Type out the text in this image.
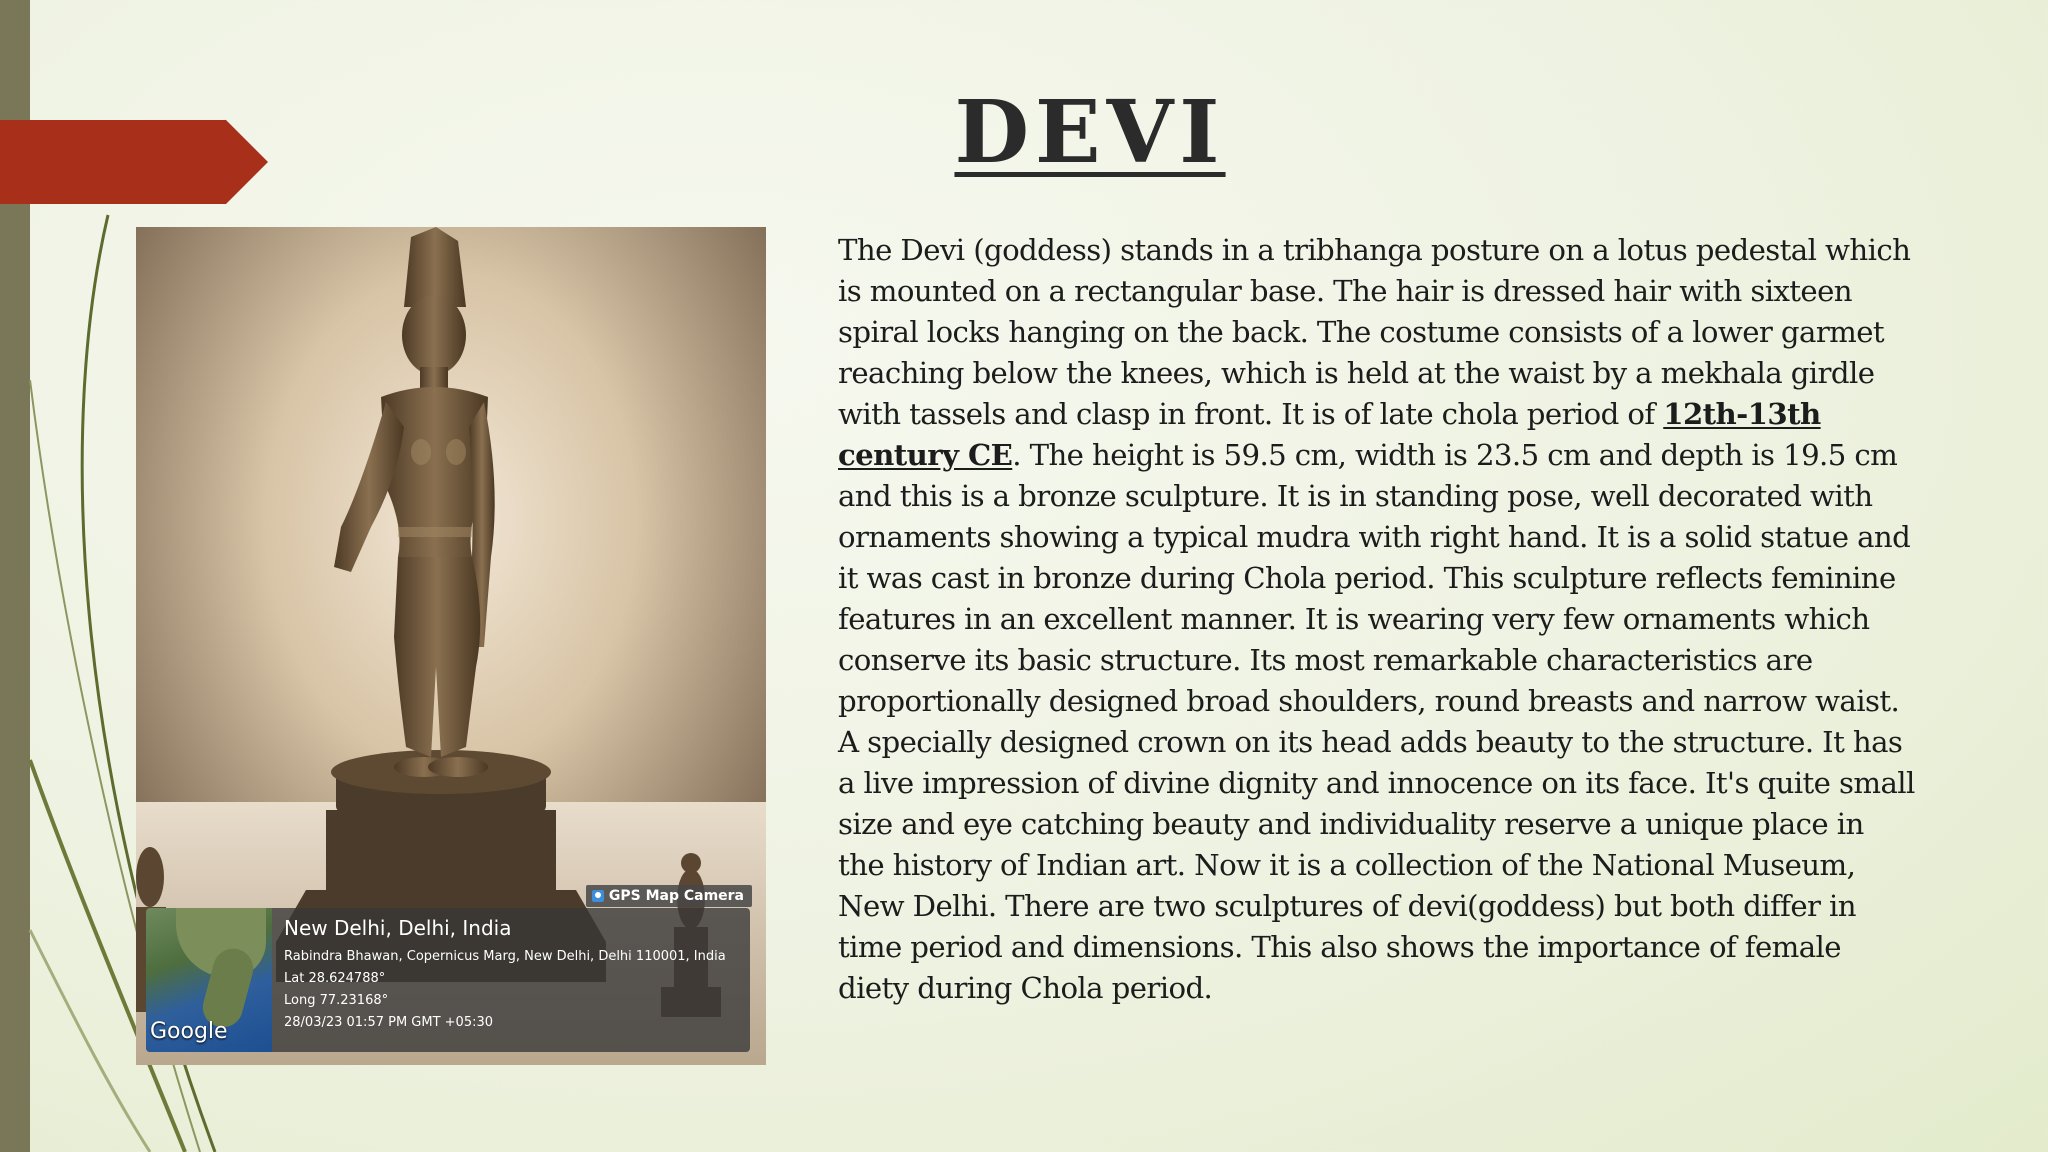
DEVI
GPS Map Camera
Google
New Delhi, Delhi, India
Rabindra Bhawan, Copernicus Marg, New Delhi, Delhi 110001, India
Lat 28.624788°
Long 77.23168°
28/03/23 01:57 PM GMT +05:30

The Devi (goddess) stands in a tribhanga posture on a lotus pedestal which is mounted on a rectangular base. The hair is dressed hair with sixteen spiral locks hanging on the back. The costume consists of a lower garmet reaching below the knees, which is held at the waist by a mekhala girdle with tassels and clasp in front. It is of late chola period of 12th-13th century CE. The height is 59.5 cm, width is 23.5 cm and depth is 19.5 cm and this is a bronze sculpture. It is in standing pose, well decorated with ornaments showing a typical mudra with right hand. It is a solid statue and it was cast in bronze during Chola period. This sculpture reflects feminine features in an excellent manner. It is wearing very few ornaments which conserve its basic structure. Its most remarkable characteristics are proportionally designed broad shoulders, round breasts and narrow waist. A specially designed crown on its head adds beauty to the structure. It has a live impression of divine dignity and innocence on its face. It's quite small size and eye catching beauty and individuality reserve a unique place in the history of Indian art. Now it is a collection of the National Museum, New Delhi. There are two sculptures of devi(goddess) but both differ in time period and dimensions. This also shows the importance of female diety during Chola period.
